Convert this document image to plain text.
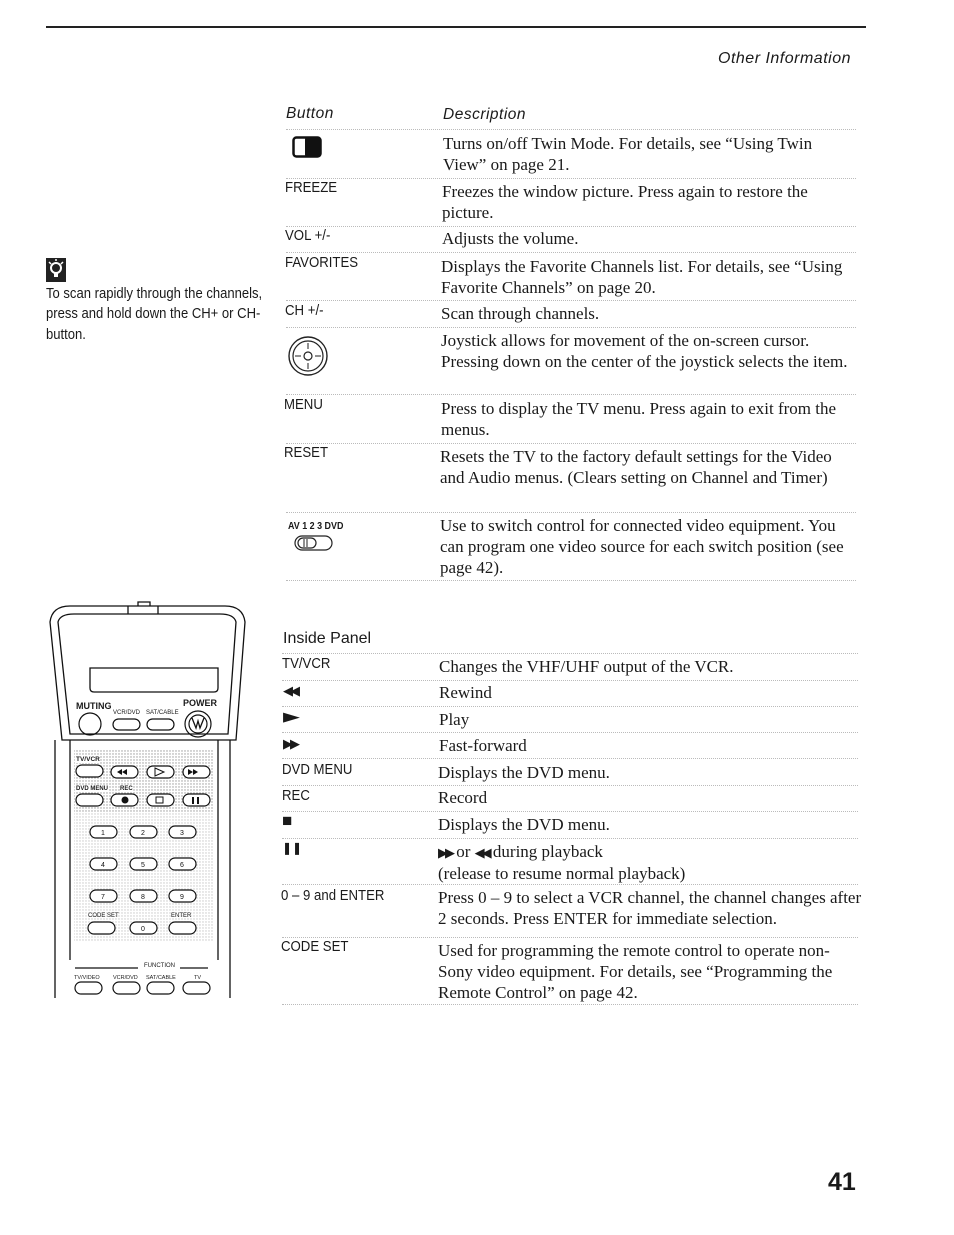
Other Information
To scan rapidly through the channels, press and hold down the CH+ or CH- button.
Button	Description
Turns on/off Twin Mode. For details, see “Using Twin View” on page 21.
FREEZE	Freezes the window picture. Press again to restore the picture.
VOL +/-	Adjusts the volume.
FAVORITES	Displays the Favorite Channels list. For details, see “Using Favorite Channels” on page 20.
CH +/-	Scan through channels.
Joystick allows for movement of the on-screen cursor. Pressing down on the center of the joystick selects the item.
MENU	Press to display the TV menu. Press again to exit from the menus.
RESET	Resets the TV to the factory default settings for the Video and Audio menus. (Clears setting on Channel and Timer)
AV 1 2 3 DVD	Use to switch control for connected video equipment. You can program one video source for each switch position (see page 42).
1	2	3
4	5	6
7	8	9
0
MUTING	POWER
VCR/DVD SAT/CABLE
TV/VCR
DVD MENU REC
CODE SET	ENTER
FUNCTION
TV/VIDEO VCR/DVD SAT/CABLE	TV
Inside Panel
TV/VCR	Changes the VHF/UHF output of the VCR.
◀◀	Rewind
▶	Play
▶▶	Fast-forward
DVD MENU	Displays the DVD menu.
REC	Record
■	Displays the DVD menu.
❚❚	▶▶ or ◀◀ during playback
(release to resume normal playback)
0 – 9 and ENTER	Press 0 – 9 to select a VCR channel, the channel changes after 2 seconds. Press ENTER for immediate selection.
CODE SET	Used for programming the remote control to operate non-Sony video equipment. For details, see “Programming the Remote Control” on page 42.
41
